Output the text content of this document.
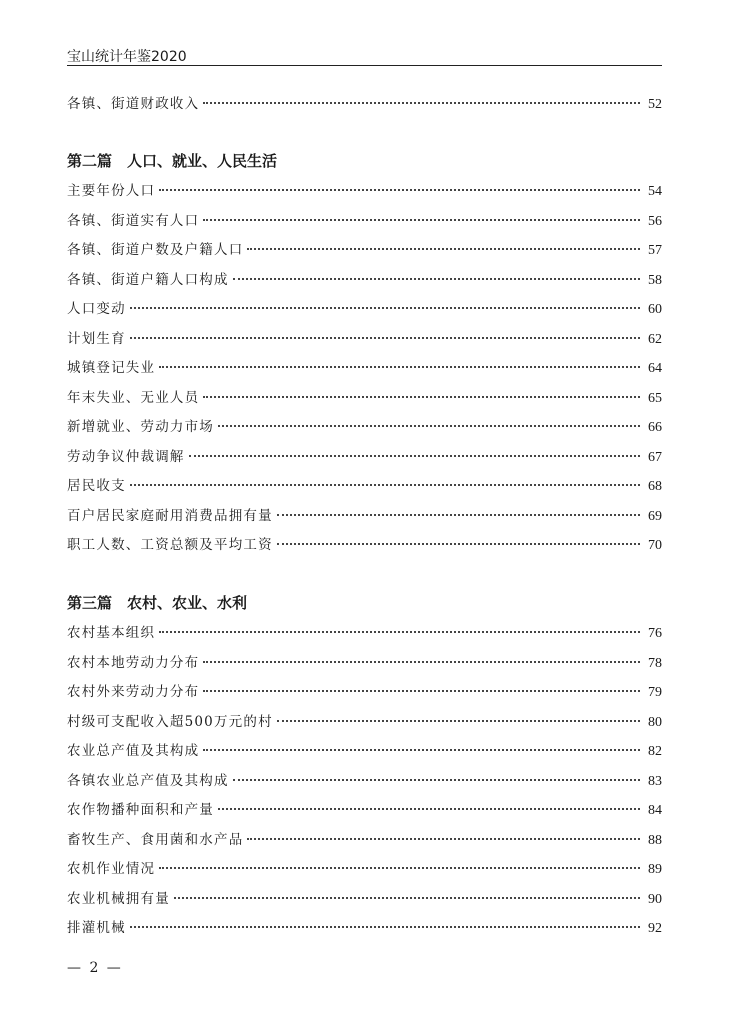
宝山统计年鉴2020
各镇、街道财政收入	52
第二篇　人口、就业、人民生活
主要年份人口	54
各镇、街道实有人口	56
各镇、街道户数及户籍人口	57
各镇、街道户籍人口构成	58
人口变动	60
计划生育	62
城镇登记失业	64
年末失业、无业人员	65
新增就业、劳动力市场	66
劳动争议仲裁调解	67
居民收支	68
百户居民家庭耐用消费品拥有量	69
职工人数、工资总额及平均工资	70
第三篇　农村、农业、水利
农村基本组织	76
农村本地劳动力分布	78
农村外来劳动力分布	79
村级可支配收入超500万元的村	80
农业总产值及其构成	82
各镇农业总产值及其构成	83
农作物播种面积和产量	84
畜牧生产、食用菌和水产品	88
农机作业情况	89
农业机械拥有量	90
排灌机械	92
— 2 —
